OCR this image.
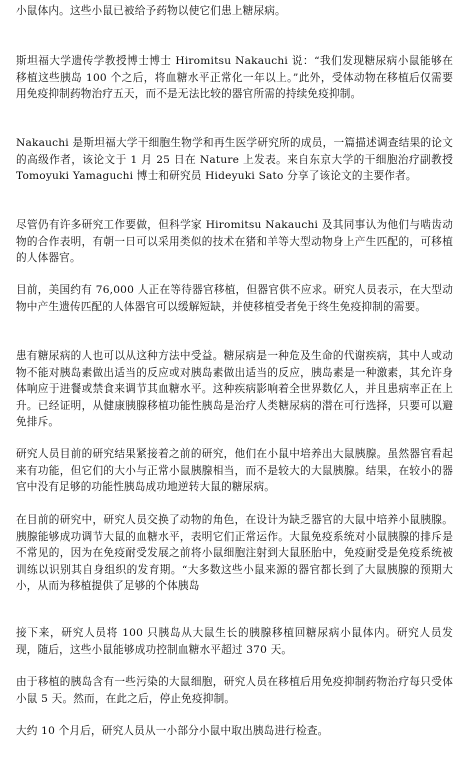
小鼠体内。这些小鼠已被给予药物以使它们患上糖尿病。

斯坦福大学遗传学教授博士博士 Hiromitsu Nakauchi 说：“我们发现糖尿病小鼠能够在移植这些胰岛 100 个之后，将血糖水平正常化一年以上。”此外，受体动物在移植后仅需要用免疫抑制药物治疗五天，而不是无法比较的器官所需的持续免疫抑制。

Nakauchi 是斯坦福大学干细胞生物学和再生医学研究所的成员，一篇描述调查结果的论文的高级作者，该论文于 1 月 25 日在 Nature 上发表。来自东京大学的干细胞治疗副教授 Tomoyuki Yamaguchi 博士和研究员 Hideyuki Sato 分享了该论文的主要作者。

尽管仍有许多研究工作要做，但科学家 Hiromitsu Nakauchi 及其同事认为他们与啮齿动物的合作表明，有朝一日可以采用类似的技术在猪和羊等大型动物身上产生匹配的，可移植的人体器官。

目前，美国约有 76,000 人正在等待器官移植，但器官供不应求。研究人员表示，在大型动物中产生遗传匹配的人体器官可以缓解短缺，并使移植受者免于终生免疫抑制的需要。

患有糖尿病的人也可以从这种方法中受益。糖尿病是一种危及生命的代谢疾病，其中人或动物不能对胰岛素做出适当的反应或对胰岛素做出适当的反应，胰岛素是一种激素，其允许身体响应于进餐或禁食来调节其血糖水平。这种疾病影响着全世界数亿人，并且患病率正在上升。已经证明，从健康胰腺移植功能性胰岛是治疗人类糖尿病的潜在可行选择，只要可以避免排斥。

研究人员目前的研究结果紧接着之前的研究，他们在小鼠中培养出大鼠胰腺。虽然器官看起来有功能，但它们的大小与正常小鼠胰腺相当，而不是较大的大鼠胰腺。结果，在较小的器官中没有足够的功能性胰岛成功地逆转大鼠的糖尿病。

在目前的研究中，研究人员交换了动物的角色，在设计为缺乏器官的大鼠中培养小鼠胰腺。胰腺能够成功调节大鼠的血糖水平，表明它们正常运作。大鼠免疫系统对小鼠胰腺的排斥是不常见的，因为在免疫耐受发展之前将小鼠细胞注射到大鼠胚胎中，免疫耐受是免疫系统被训练以识别其自身组织的发育期。“大多数这些小鼠来源的器官都长到了大鼠胰腺的预期大小，从而为移植提供了足够的个体胰岛

接下来，研究人员将 100 只胰岛从大鼠生长的胰腺移植回糖尿病小鼠体内。研究人员发现，随后，这些小鼠能够成功控制血糖水平超过 370 天。

由于移植的胰岛含有一些污染的大鼠细胞，研究人员在移植后用免疫抑制药物治疗每只受体小鼠 5 天。然而，在此之后，停止免疫抑制。

大约 10 个月后，研究人员从一小部分小鼠中取出胰岛进行检查。
